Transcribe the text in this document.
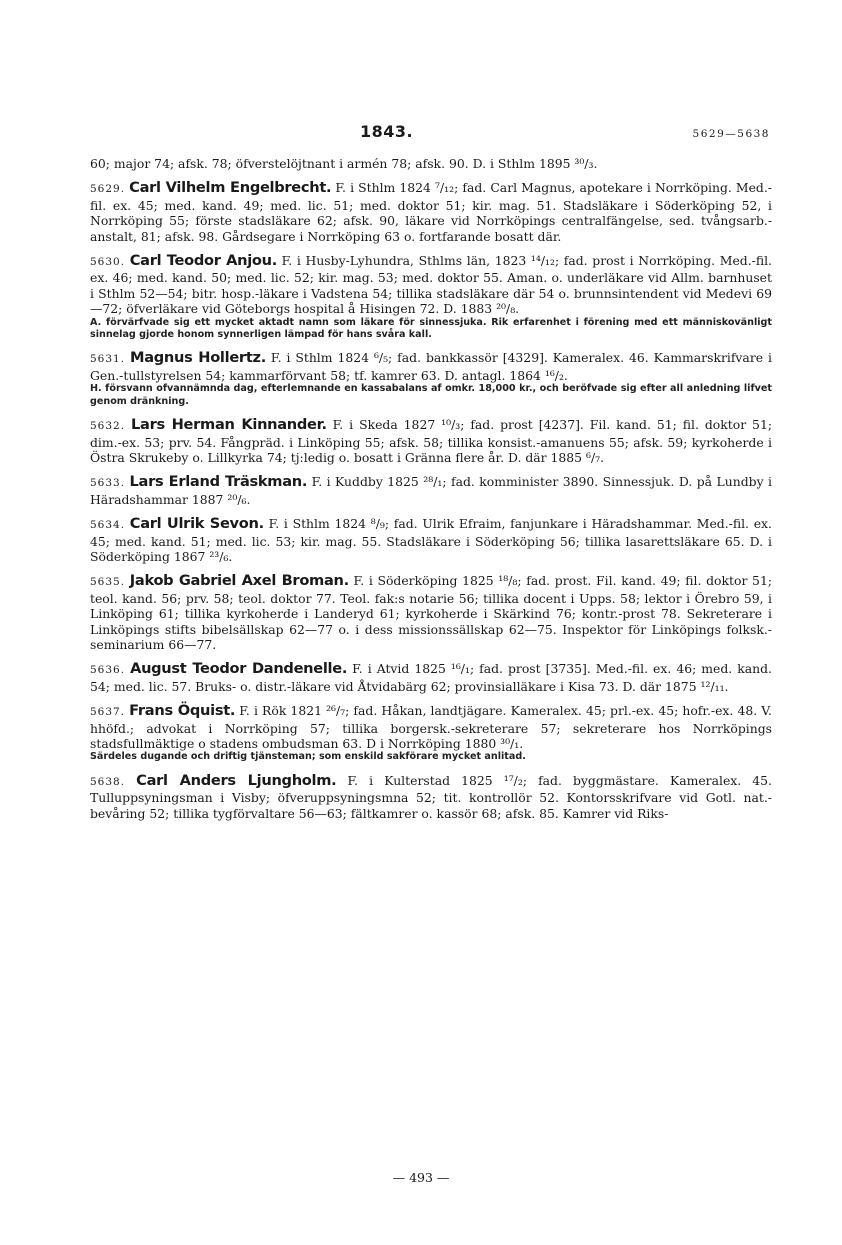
1843.	5629—5638

60; major 74; afsk. 78; öfverstelöjtnant i armén 78; afsk. 90. D. i Sthlm 1895 ³⁰/₃.

5629. Carl Vilhelm Engelbrecht. F. i Sthlm 1824 ⁷/₁₂; fad. Carl Magnus, apotekare i Norrköping. Med.-fil. ex. 45; med. kand. 49; med. lic. 51; med. doktor 51; kir. mag. 51. Stadsläkare i Söderköping 52, i Norrköping 55; förste stadsläkare 62; afsk. 90, läkare vid Norrköpings centralfängelse, sed. tvångsarb.-anstalt, 81; afsk. 98. Gårdsegare i Norrköping 63 o. fortfarande bosatt där.

5630. Carl Teodor Anjou. F. i Husby-Lyhundra, Sthlms län, 1823 ¹⁴/₁₂; fad. prost i Norrköping. Med.-fil. ex. 46; med. kand. 50; med. lic. 52; kir. mag. 53; med. doktor 55. Aman. o. underläkare vid Allm. barnhuset i Sthlm 52—54; bitr. hosp.-läkare i Vadstena 54; tillika stadsläkare där 54 o. brunnsintendent vid Medevi 69—72; öfverläkare vid Göteborgs hospital å Hisingen 72. D. 1883 ²⁰/₈.

A. förvärfvade sig ett mycket aktadt namn som läkare för sinnessjuka. Rik erfarenhet i förening med ett människovänligt sinnelag gjorde honom synnerligen lämpad för hans svåra kall.

5631. Magnus Hollertz. F. i Sthlm 1824 ⁶/₅; fad. bankkassör [4329]. Kameralex. 46. Kammarskrifvare i Gen.-tullstyrelsen 54; kammarförvant 58; tf. kamrer 63. D. antagl. 1864 ¹⁶/₂.

H. försvann ofvannämnda dag, efterlemnande en kassabalans af omkr. 18,000 kr., och beröfvade sig efter all anledning lifvet genom dränkning.

5632. Lars Herman Kinnander. F. i Skeda 1827 ¹⁰/₃; fad. prost [4237]. Fil. kand. 51; fil. doktor 51; dim.-ex. 53; prv. 54. Fångpräd. i Linköping 55; afsk. 58; tillika konsist.-amanuens 55; afsk. 59; kyrkoherde i Östra Skrukeby o. Lillkyrka 74; tj:ledig o. bosatt i Gränna flere år. D. där 1885 ⁶/₇.

5633. Lars Erland Träskman. F. i Kuddby 1825 ²⁸/₁; fad. komminister 3890. Sinnessjuk. D. på Lundby i Häradshammar 1887 ²⁰/₆.

5634. Carl Ulrik Sevon. F. i Sthlm 1824 ⁸/₉; fad. Ulrik Efraim, fanjunkare i Häradshammar. Med.-fil. ex. 45; med. kand. 51; med. lic. 53; kir. mag. 55. Stadsläkare i Söderköping 56; tillika lasarettsläkare 65. D. i Söderköping 1867 ²³/₆.

5635. Jakob Gabriel Axel Broman. F. i Söderköping 1825 ¹⁸/₈; fad. prost. Fil. kand. 49; fil. doktor 51; teol. kand. 56; prv. 58; teol. doktor 77. Teol. fak:s notarie 56; tillika docent i Upps. 58; lektor i Örebro 59, i Linköping 61; tillika kyrkoherde i Landeryd 61; kyrkoherde i Skärkind 76; kontr.-prost 78. Sekreterare i Linköpings stifts bibelsällskap 62—77 o. i dess missionssällskap 62—75. Inspektor för Linköpings folksk.-seminarium 66—77.

5636. August Teodor Dandenelle. F. i Atvid 1825 ¹⁶/₁; fad. prost [3735]. Med.-fil. ex. 46; med. kand. 54; med. lic. 57. Bruks- o. distr.-läkare vid Åtvidabärg 62; provinsialläkare i Kisa 73. D. där 1875 ¹²/₁₁.

5637. Frans Öquist. F. i Rök 1821 ²⁶/₇; fad. Håkan, landtjägare. Kameralex. 45; prl.-ex. 45; hofr.-ex. 48. V. hhöfd.; advokat i Norrköping 57; tillika borgersk.-sekreterare 57; sekreterare hos Norrköpings stadsfullmäktige o stadens ombudsman 63. D i Norrköping 1880 ³⁰/₁.

Särdeles dugande och driftig tjänsteman; som enskild sakförare mycket anlitad.

5638. Carl Anders Ljungholm. F. i Kulterstad 1825 ¹⁷/₂; fad. byggmästare. Kameralex. 45. Tulluppsyningsman i Visby; öfveruppsyningsmna 52; tit. kontrollör 52. Kontorsskrifvare vid Gotl. nat.-bevåring 52; tillika tygförvaltare 56—63; fältkamrer o. kassör 68; afsk. 85. Kamrer vid Riks-

— 493 —
